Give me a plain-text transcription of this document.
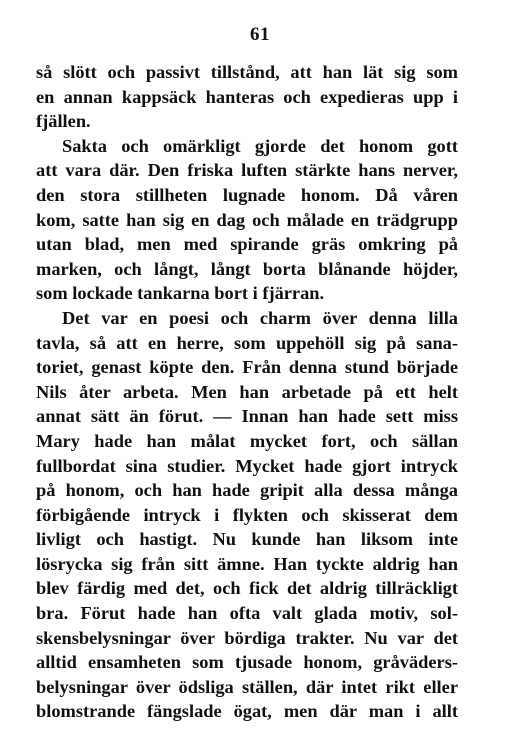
61
så slött och passivt tillstånd, att han lät sig som
en annan kappsäck hanteras och expedieras upp i
fjällen.
Sakta och omärkligt gjorde det honom gott
att vara där. Den friska luften stärkte hans nerver,
den stora stillheten lugnade honom. Då våren
kom, satte han sig en dag och målade en trädgrupp
utan blad, men med spirande gräs omkring på
marken, och långt, långt borta blånande höjder,
som lockade tankarna bort i fjärran.
Det var en poesi och charm över denna lilla
tavla, så att en herre, som uppehöll sig på sana-
toriet, genast köpte den. Från denna stund började
Nils åter arbeta. Men han arbetade på ett helt
annat sätt än förut. — Innan han hade sett miss
Mary hade han målat mycket fort, och sällan
fullbordat sina studier. Mycket hade gjort intryck
på honom, och han hade gripit alla dessa många
förbigående intryck i flykten och skisserat dem
livligt och hastigt. Nu kunde han liksom inte
lösrycka sig från sitt ämne. Han tyckte aldrig han
blev färdig med det, och fick det aldrig tillräckligt
bra. Förut hade han ofta valt glada motiv, sol-
skensbelysningar över bördiga trakter. Nu var det
alltid ensamheten som tjusade honom, gråväders-
belysningar över ödsliga ställen, där intet rikt eller
blomstrande fängslade ögat, men där man i allt
